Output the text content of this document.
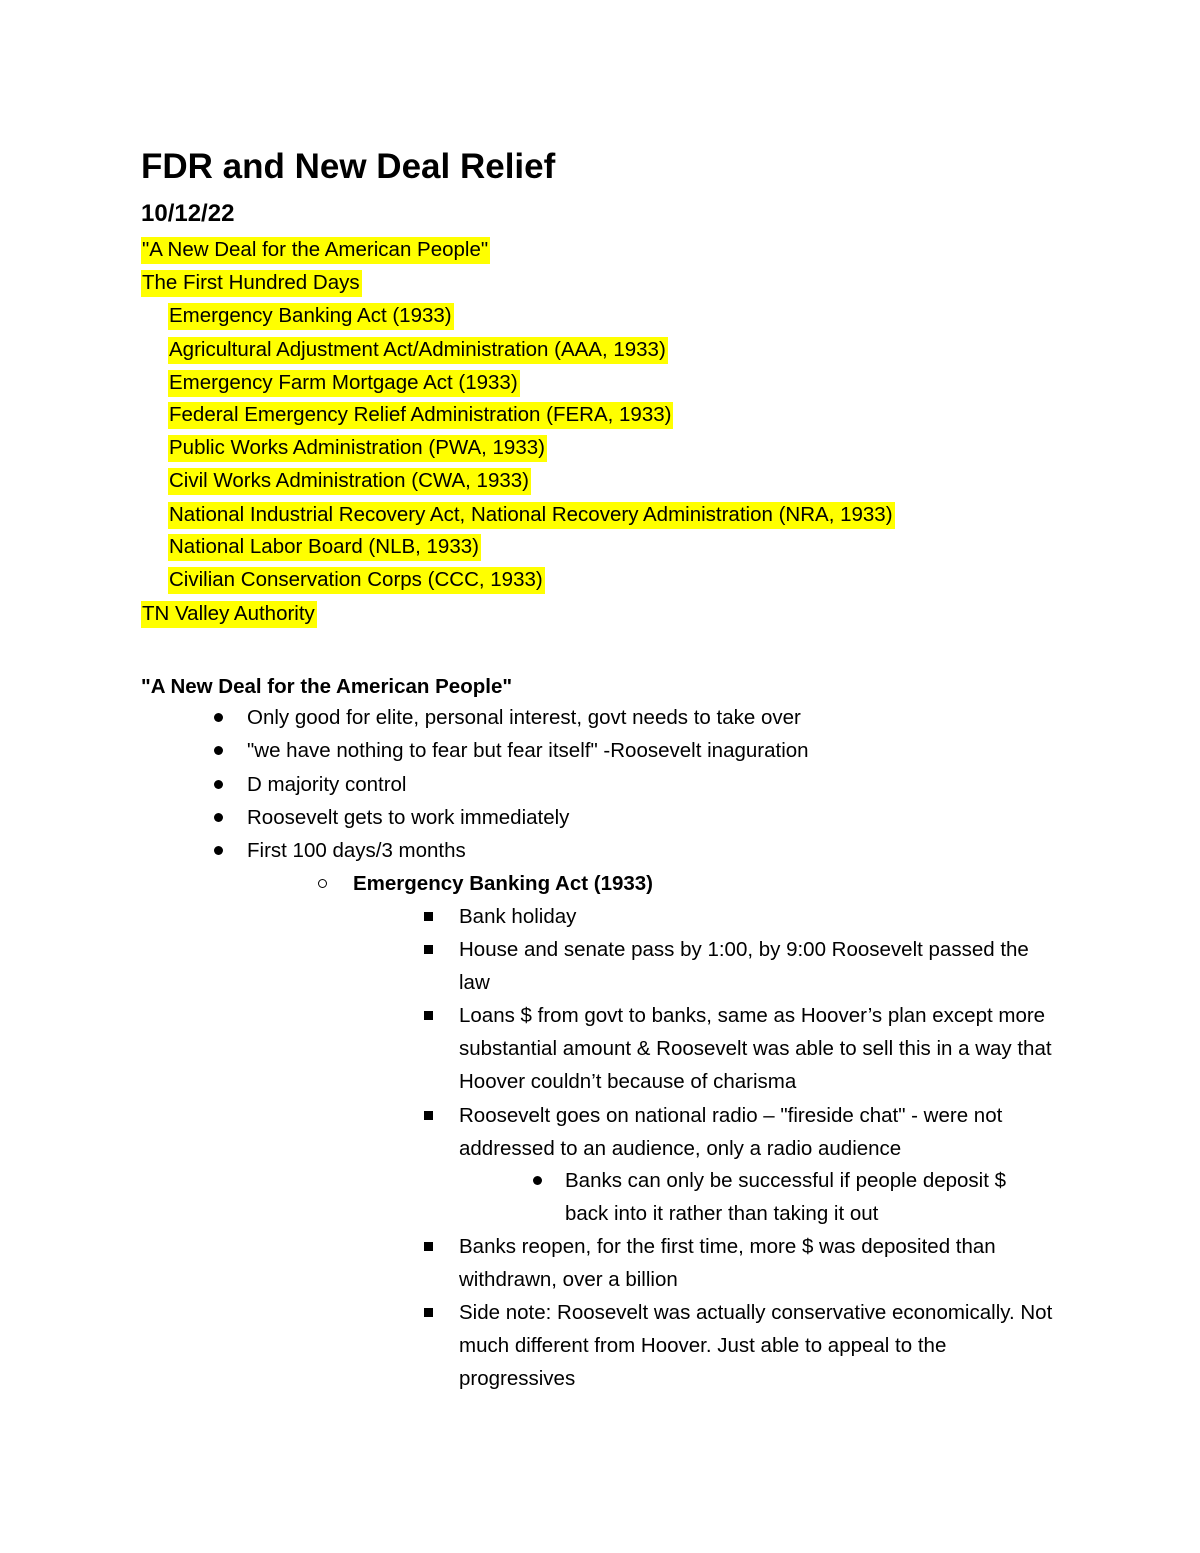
FDR and New Deal Relief
10/12/22
"A New Deal for the American People"
The First Hundred Days
Emergency Banking Act (1933)
Agricultural Adjustment Act/Administration (AAA, 1933)
Emergency Farm Mortgage Act (1933)
Federal Emergency Relief Administration (FERA, 1933)
Public Works Administration (PWA, 1933)
Civil Works Administration (CWA, 1933)
National Industrial Recovery Act, National Recovery Administration (NRA, 1933)
National Labor Board (NLB, 1933)
Civilian Conservation Corps (CCC, 1933)
TN Valley Authority
"A New Deal for the American People"
Only good for elite, personal interest, govt needs to take over
"we have nothing to fear but fear itself" -Roosevelt inaguration
D majority control
Roosevelt gets to work immediately
First 100 days/3 months
Emergency Banking Act (1933)
Bank holiday
House and senate pass by 1:00, by 9:00 Roosevelt passed the law
Loans $ from govt to banks, same as Hoover’s plan except more substantial amount & Roosevelt was able to sell this in a way that Hoover couldn’t because of charisma
Roosevelt goes on national radio – "fireside chat" - were not addressed to an audience, only a radio audience
Banks can only be successful if people deposit $ back into it rather than taking it out
Banks reopen, for the first time, more $ was deposited than withdrawn, over a billion
Side note: Roosevelt was actually conservative economically. Not much different from Hoover. Just able to appeal to the progressives
